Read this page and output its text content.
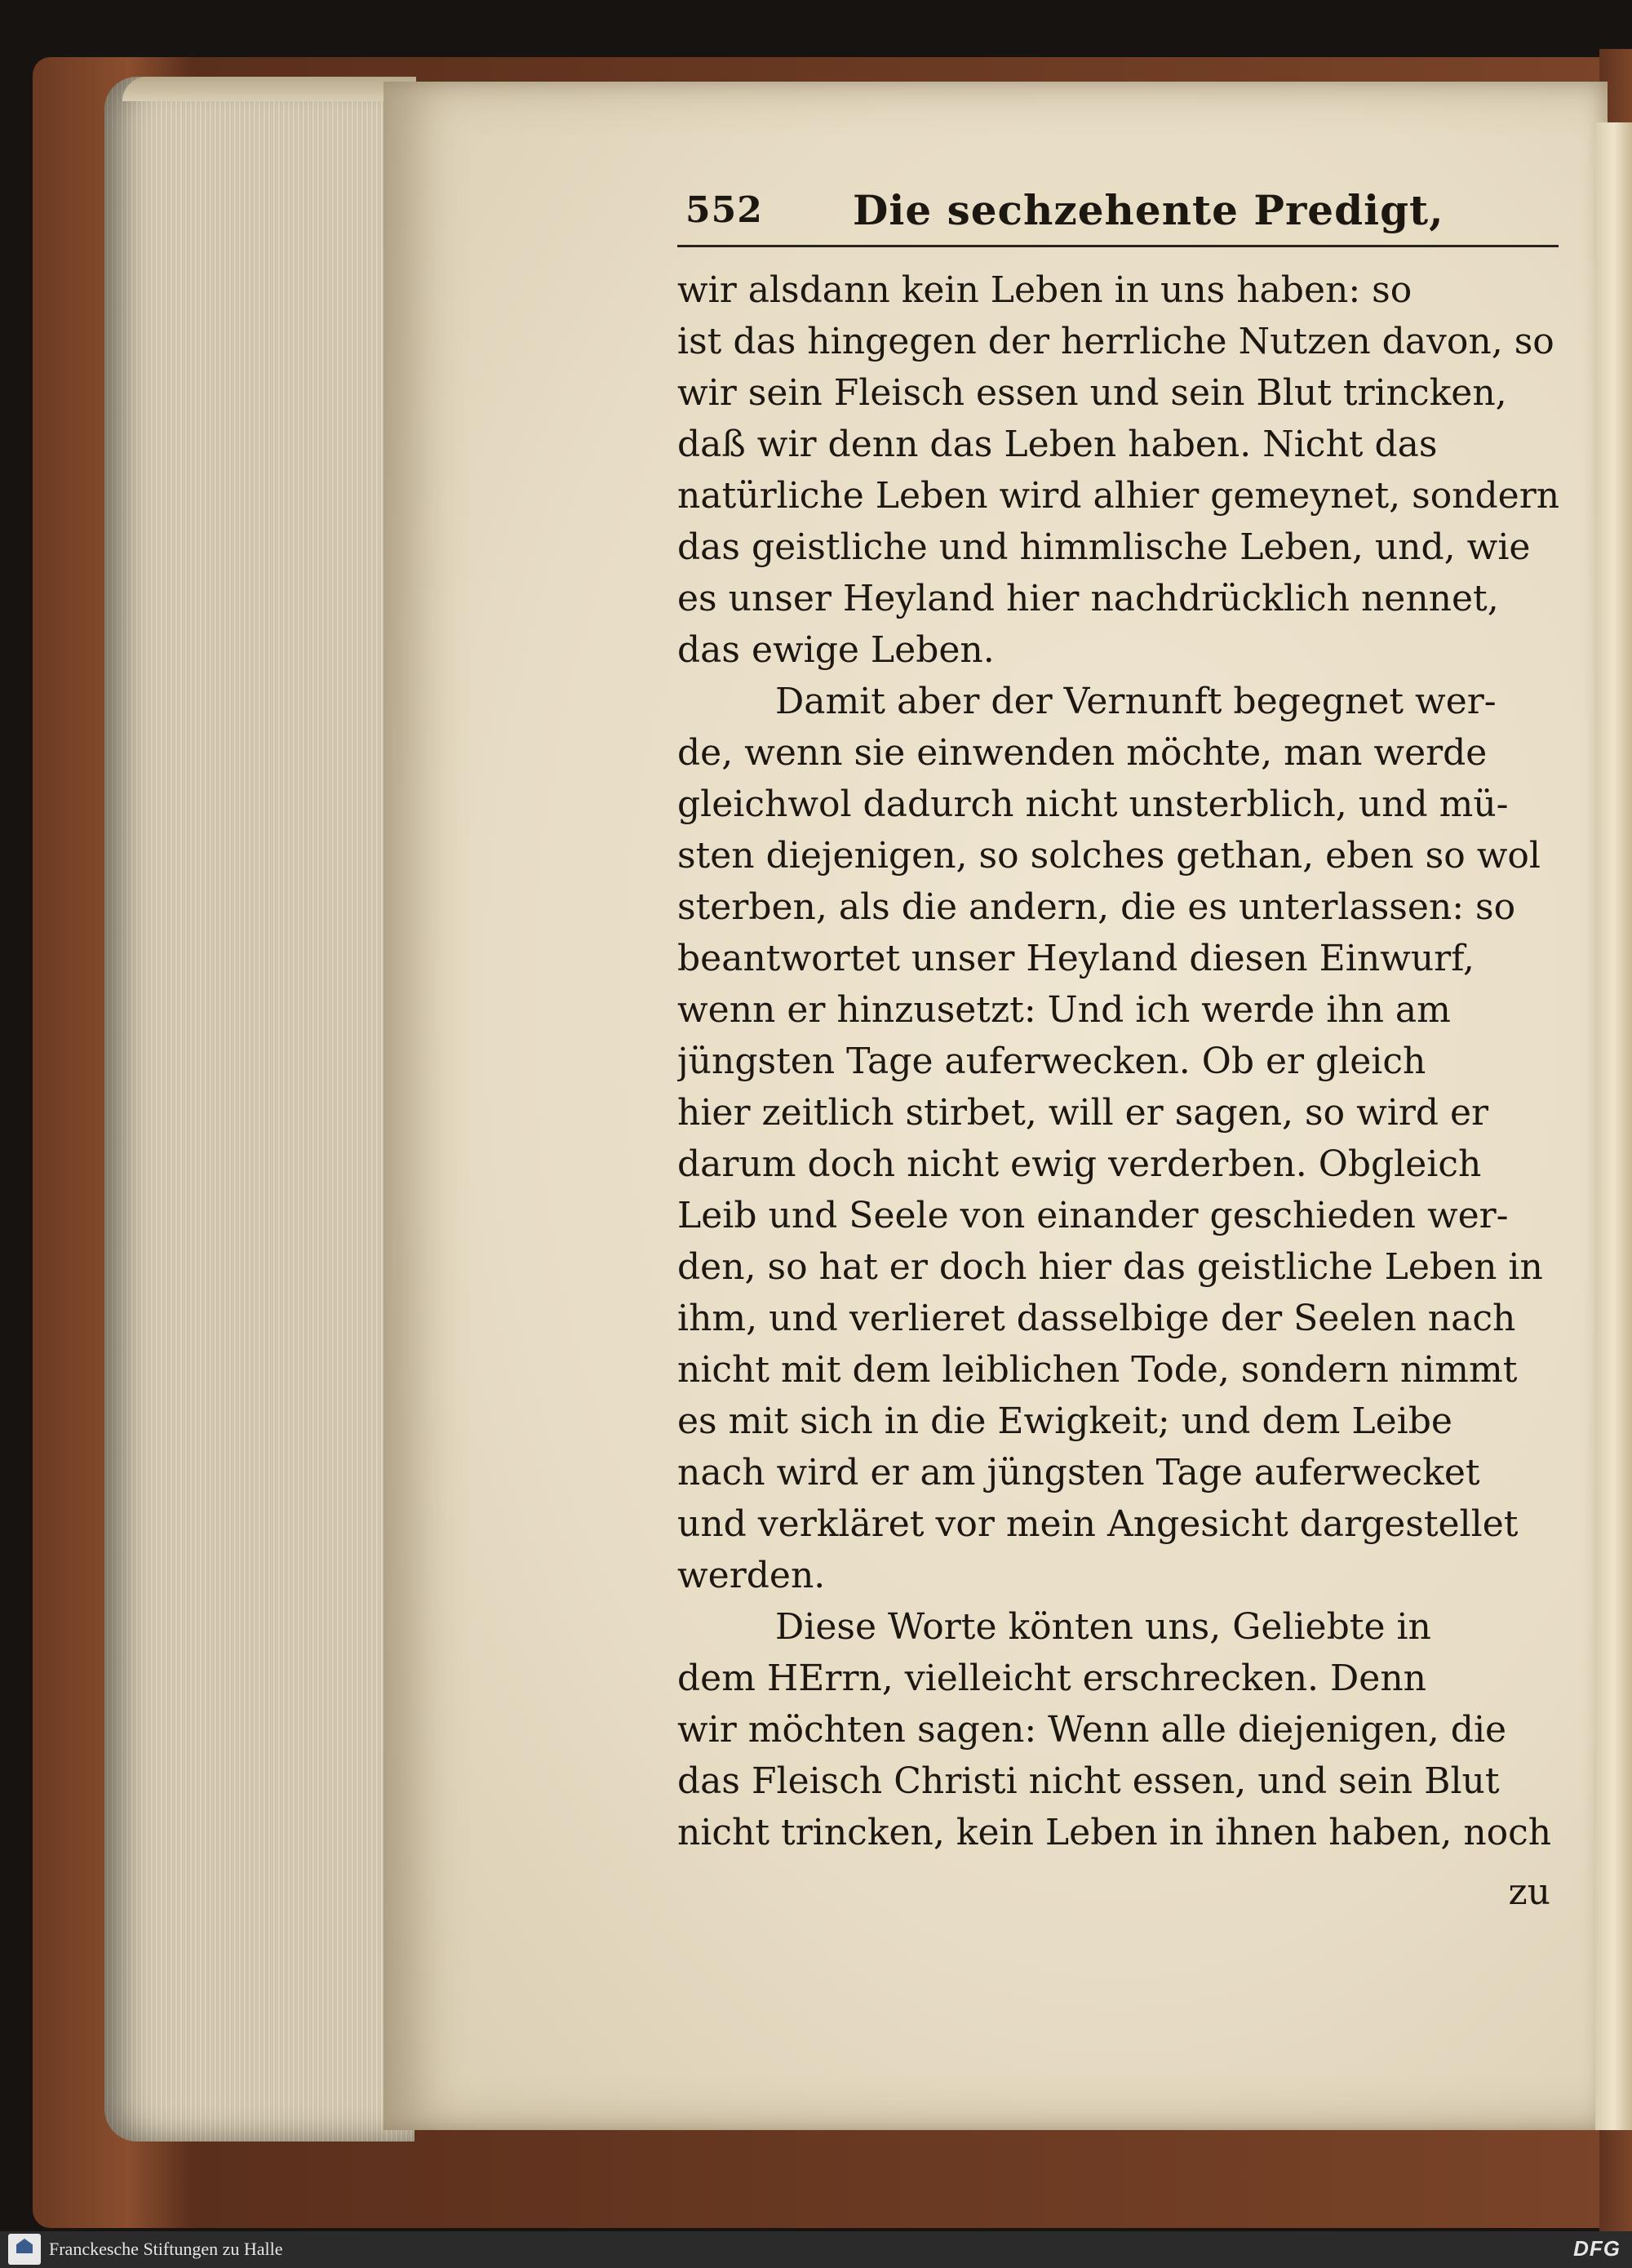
552 Die sechzehente Predigt,
wir alsdann kein Leben in uns haben: so
ist das hingegen der herrliche Nutzen davon, so
wir sein Fleisch essen und sein Blut trincken,
daß wir denn das Leben haben. Nicht das
natürliche Leben wird alhier gemeynet, sondern
das geistliche und himmlische Leben, und, wie
es unser Heyland hier nachdrücklich nennet,
das ewige Leben.
Damit aber der Vernunft begegnet wer-
de, wenn sie einwenden möchte, man werde
gleichwol dadurch nicht unsterblich, und mü-
sten diejenigen, so solches gethan, eben so wol
sterben, als die andern, die es unterlassen: so
beantwortet unser Heyland diesen Einwurf,
wenn er hinzusetzt: Und ich werde ihn am
jüngsten Tage auferwecken. Ob er gleich
hier zeitlich stirbet, will er sagen, so wird er
darum doch nicht ewig verderben. Obgleich
Leib und Seele von einander geschieden wer-
den, so hat er doch hier das geistliche Leben in
ihm, und verlieret dasselbige der Seelen nach
nicht mit dem leiblichen Tode, sondern nimmt
es mit sich in die Ewigkeit; und dem Leibe
nach wird er am jüngsten Tage auferwecket
und verkläret vor mein Angesicht dargestellet
werden.
Diese Worte könten uns, Geliebte in
dem HErrn, vielleicht erschrecken. Denn
wir möchten sagen: Wenn alle diejenigen, die
das Fleisch Christi nicht essen, und sein Blut
nicht trincken, kein Leben in ihnen haben, noch
zu
Franckesche Stiftungen zu Halle	DFG
